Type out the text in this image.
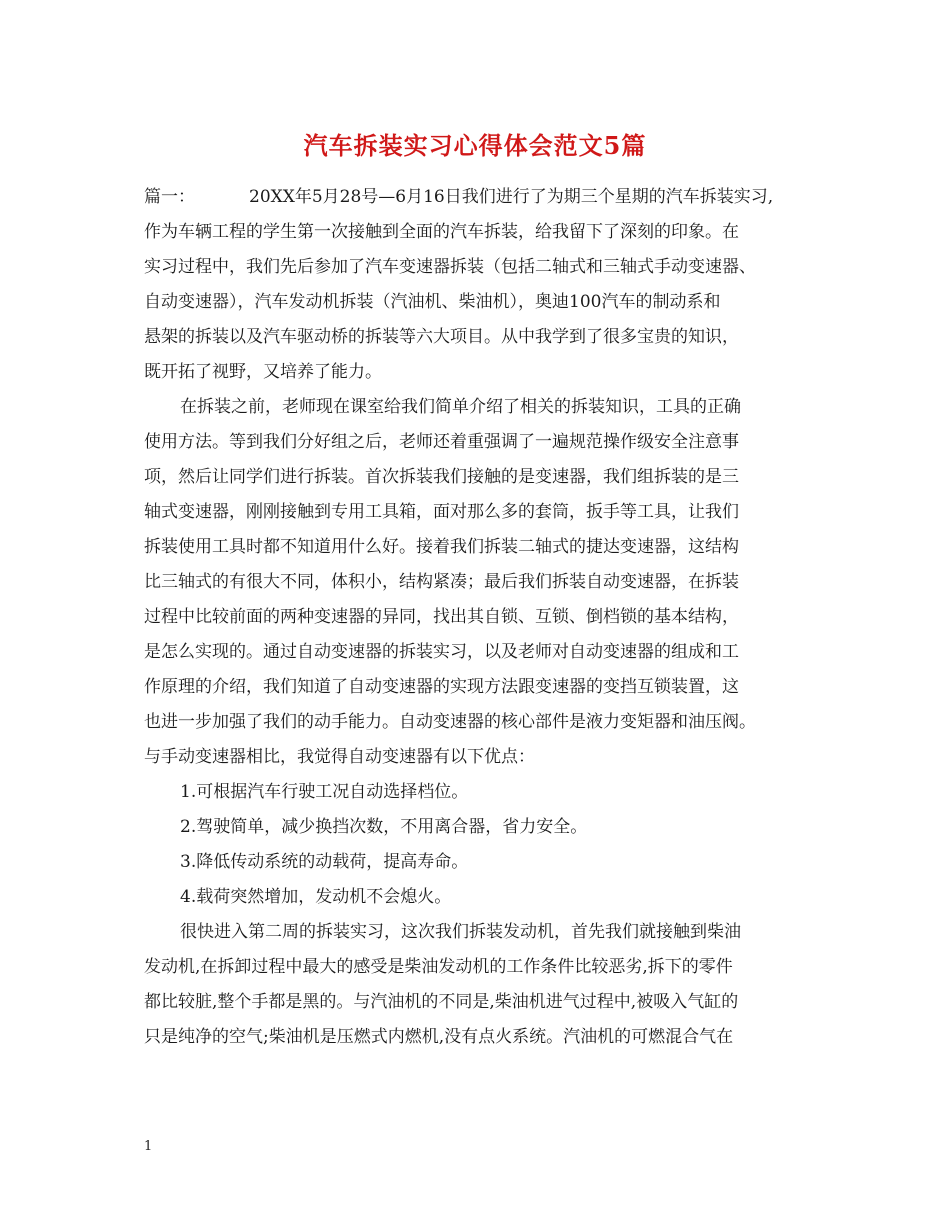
汽车拆装实习心得体会范文5篇
篇一：	20XX年5月28号—6月16日我们进行了为期三个星期的汽车拆装实习,
作为车辆工程的学生第一次接触到全面的汽车拆装，给我留下了深刻的印象。在
实习过程中，我们先后参加了汽车变速器拆装（包括二轴式和三轴式手动变速器、
自动变速器），汽车发动机拆装（汽油机、柴油机），奥迪100汽车的制动系和
悬架的拆装以及汽车驱动桥的拆装等六大项目。从中我学到了很多宝贵的知识，
既开拓了视野，又培养了能力。
在拆装之前，老师现在课室给我们简单介绍了相关的拆装知识，工具的正确
使用方法。等到我们分好组之后，老师还着重强调了一遍规范操作级安全注意事
项，然后让同学们进行拆装。首次拆装我们接触的是变速器，我们组拆装的是三
轴式变速器，刚刚接触到专用工具箱，面对那么多的套筒，扳手等工具，让我们
拆装使用工具时都不知道用什么好。接着我们拆装二轴式的捷达变速器，这结构
比三轴式的有很大不同，体积小，结构紧凑；最后我们拆装自动变速器，在拆装
过程中比较前面的两种变速器的异同，找出其自锁、互锁、倒档锁的基本结构，
是怎么实现的。通过自动变速器的拆装实习，以及老师对自动变速器的组成和工
作原理的介绍，我们知道了自动变速器的实现方法跟变速器的变挡互锁装置，这
也进一步加强了我们的动手能力。自动变速器的核心部件是液力变矩器和油压阀。
与手动变速器相比，我觉得自动变速器有以下优点：
1.可根据汽车行驶工况自动选择档位。
2.驾驶简单，减少换挡次数，不用离合器，省力安全。
3.降低传动系统的动载荷，提高寿命。
4.载荷突然增加，发动机不会熄火。
很快进入第二周的拆装实习，这次我们拆装发动机，首先我们就接触到柴油
发动机,在拆卸过程中最大的感受是柴油发动机的工作条件比较恶劣,拆下的零件
都比较脏,整个手都是黑的。与汽油机的不同是,柴油机进气过程中,被吸入气缸的
只是纯净的空气;柴油机是压燃式内燃机,没有点火系统。汽油机的可燃混合气在
1
